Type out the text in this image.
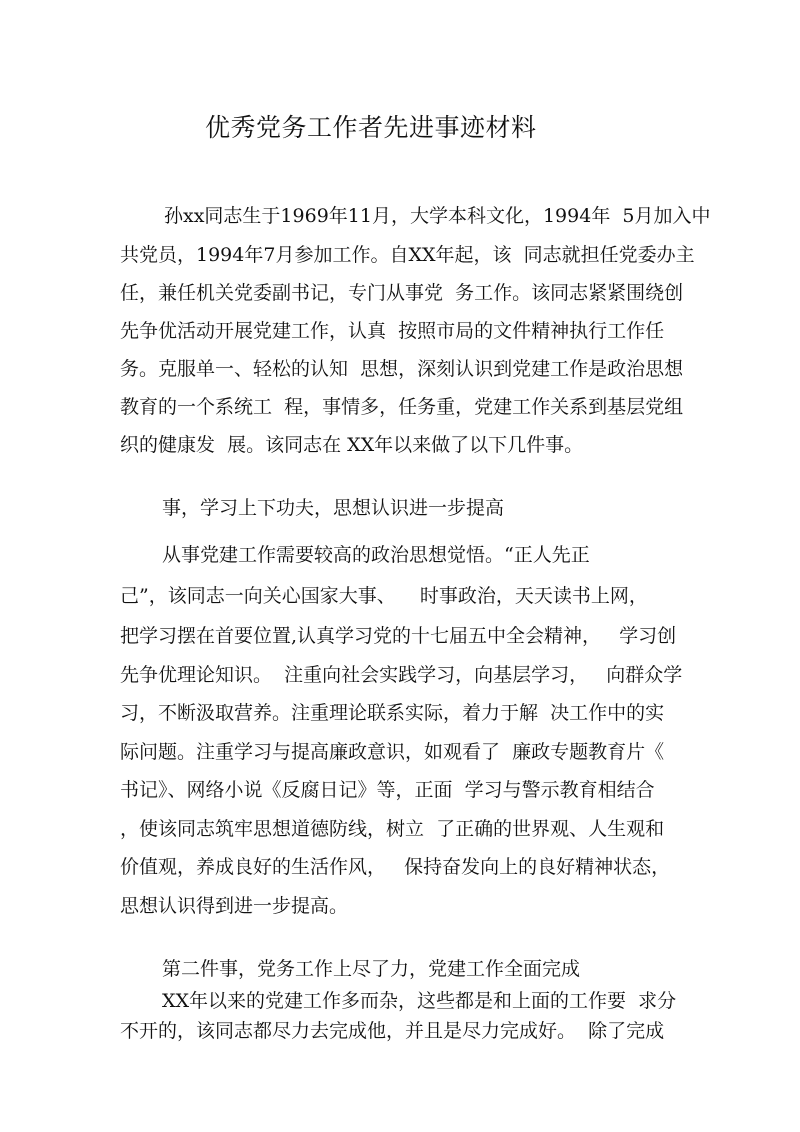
优秀党务工作者先进事迹材料

孙xx同志生于1969年11月，大学本科文化，1994年  5月加入中

共党员，1994年7月参加工作。自XX年起，该  同志就担任党委办主

任，兼任机关党委副书记，专门从事党  务工作。该同志紧紧围绕创

先争优活动开展党建工作，认真  按照市局的文件精神执行工作任

务。克服单一、轻松的认知  思想，深刻认识到党建工作是政治思想

教育的一个系统工  程，事情多，任务重，党建工作关系到基层党组

织的健康发  展。该同志在 XX年以来做了以下几件事。

事，学习上下功夫，思想认识进一步提高

从事党建工作需要较高的政治思想觉悟。“正人先正

己”，该同志一向关心国家大事、    时事政治，天天读书上网，

把学习摆在首要位置,认真学习党的十七届五中全会精神，   学习创

先争优理论知识。  注重向社会实践学习，向基层学习，   向群众学

习，不断汲取营养。注重理论联系实际，着力于解  决工作中的实

际问题。注重学习与提高廉政意识，如观看了  廉政专题教育片《

书记》、网络小说《反腐日记》等，正面  学习与警示教育相结合

，使该同志筑牢思想道德防线，树立  了正确的世界观、人生观和

价值观，养成良好的生活作风，   保持奋发向上的良好精神状态，

思想认识得到进一步提高。

第二件事，党务工作上尽了力，党建工作全面完成

XX年以来的党建工作多而杂，这些都是和上面的工作要  求分

不开的，该同志都尽力去完成他，并且是尽力完成好。  除了完成
